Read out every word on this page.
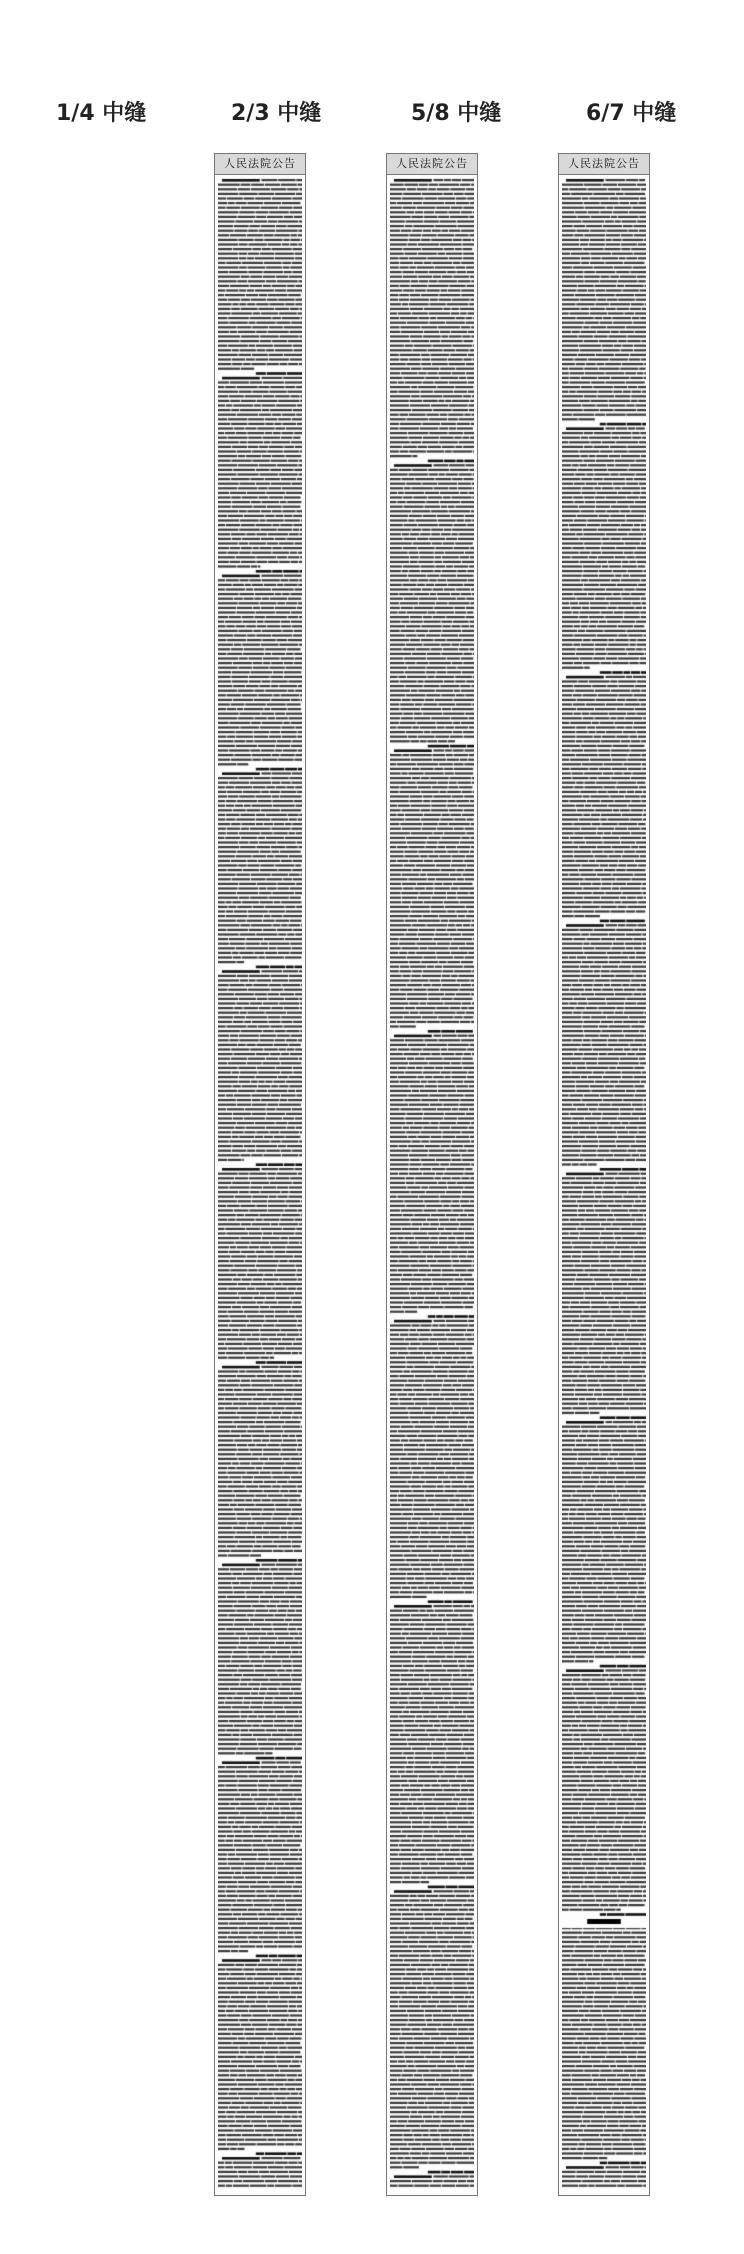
1/4 中缝	2/3 中缝	5/8 中缝	6/7 中缝
人民法院公告	人民法院公告	人民法院公告
